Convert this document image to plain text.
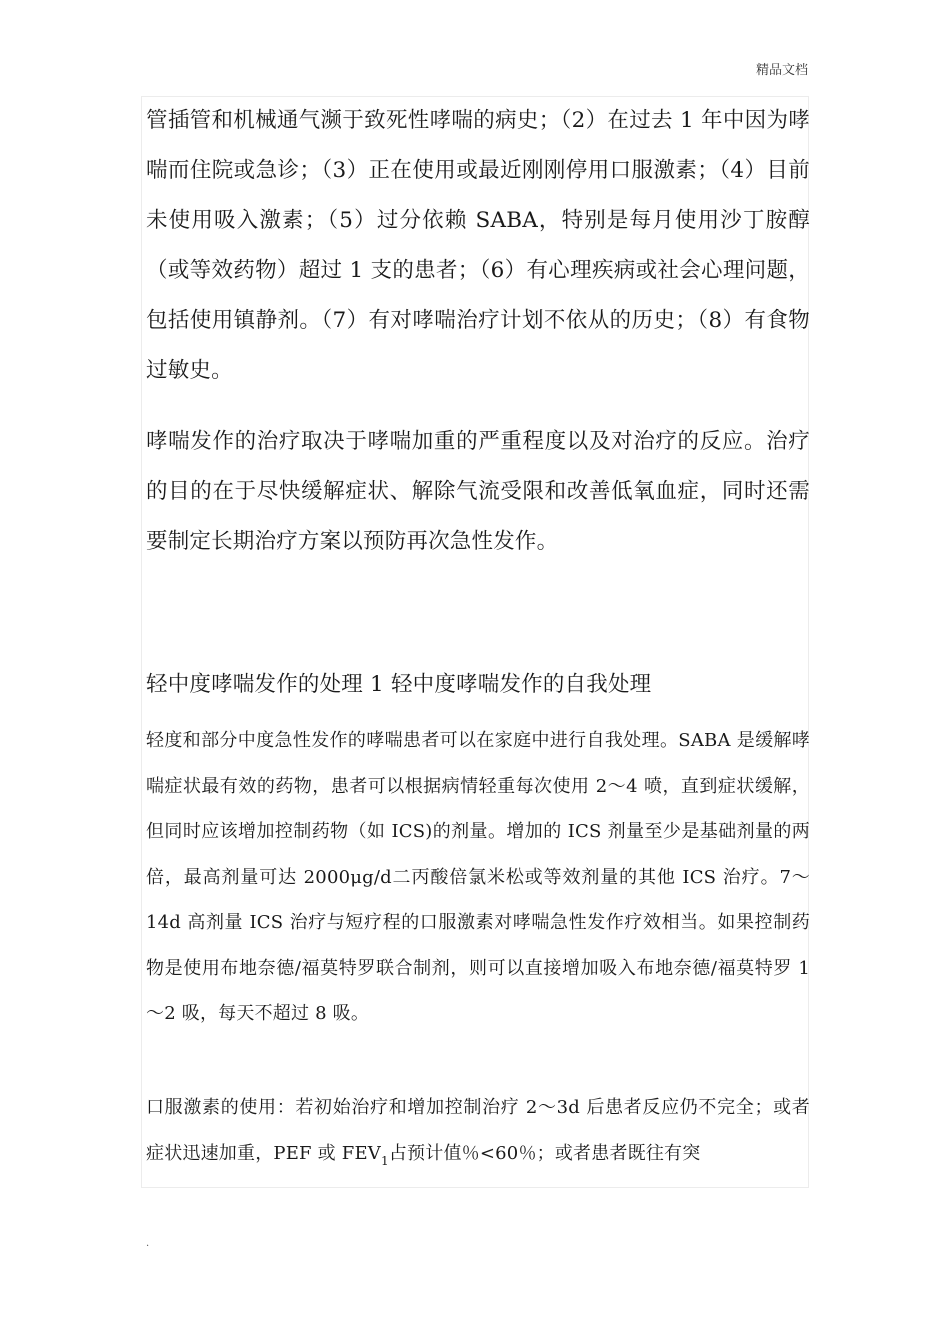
精品文档

管插管和机械通气濒于致死性哮喘的病史；（2）在过去 1 年中因为哮喘而住院或急诊；（3）正在使用或最近刚刚停用口服激素；（4）目前未使用吸入激素；（5）过分依赖 SABA，特别是每月使用沙丁胺醇（或等效药物）超过 1 支的患者；（6）有心理疾病或社会心理问题，包括使用镇静剂。（7）有对哮喘治疗计划不依从的历史；（8）有食物过敏史。

哮喘发作的治疗取决于哮喘加重的严重程度以及对治疗的反应。治疗的目的在于尽快缓解症状、解除气流受限和改善低氧血症，同时还需要制定长期治疗方案以预防再次急性发作。

轻中度哮喘发作的处理 1 轻中度哮喘发作的自我处理

轻度和部分中度急性发作的哮喘患者可以在家庭中进行自我处理。SABA 是缓解哮喘症状最有效的药物，患者可以根据病情轻重每次使用 2～4 喷，直到症状缓解，但同时应该增加控制药物（如 ICS)的剂量。增加的 ICS 剂量至少是基础剂量的两倍，最高剂量可达 2000μg/d二丙酸倍氯米松或等效剂量的其他 ICS 治疗。7～14d 高剂量 ICS 治疗与短疗程的口服激素对哮喘急性发作疗效相当。如果控制药物是使用布地奈德/福莫特罗联合制剂，则可以直接增加吸入布地奈德/福莫特罗 1～2 吸，每天不超过 8 吸。

口服激素的使用：若初始治疗和增加控制治疗 2～3d 后患者反应仍不完全；或者症状迅速加重，PEF 或 $FEV_1$占预计值％<60％；或者患者既往有突

.
